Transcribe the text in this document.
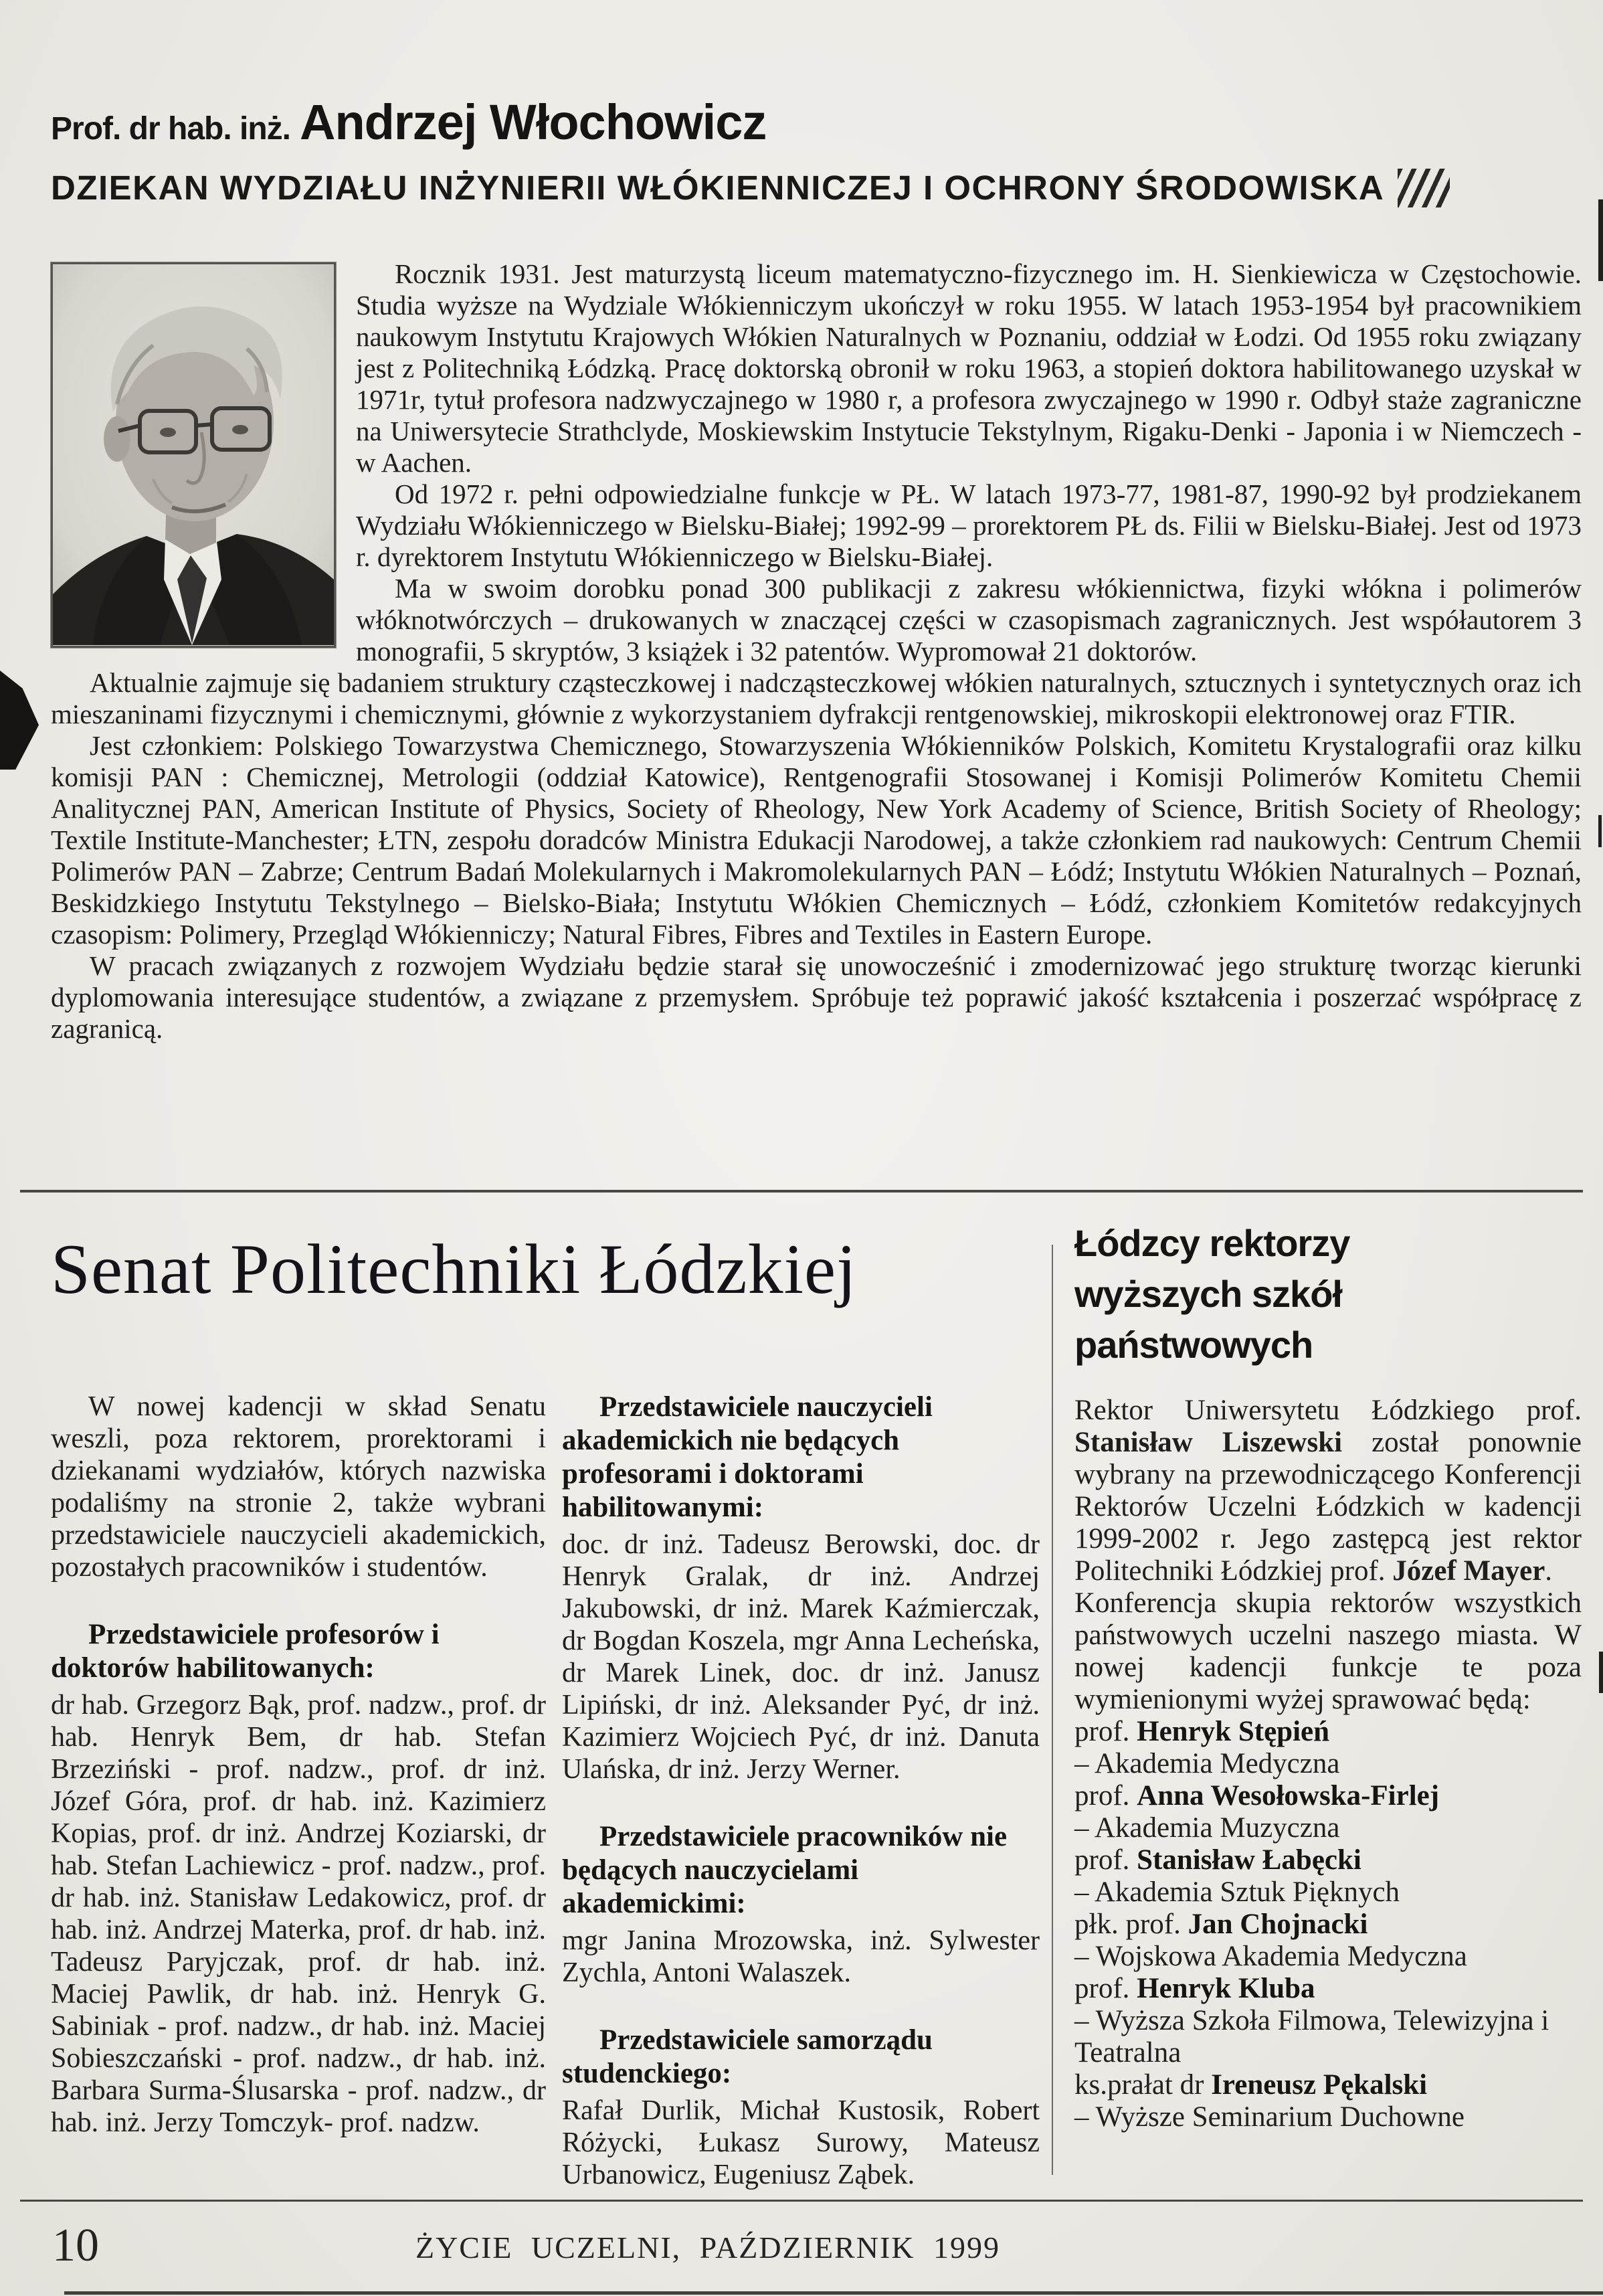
Prof. dr hab. inż. Andrzej Włochowicz
DZIEKAN WYDZIAŁU INŻYNIERII WŁÓKIENNICZEJ I OCHRONY ŚRODOWISKA

Rocznik 1931. Jest maturzystą liceum matematyczno-fizycznego im. H. Sienkiewicza w Częstochowie. Studia wyższe na Wydziale Włókienniczym ukończył w roku 1955. W latach 1953-1954 był pracownikiem naukowym Instytutu Krajowych Włókien Naturalnych w Poznaniu, oddział w Łodzi. Od 1955 roku związany jest z Politechniką Łódzką. Pracę doktorską obronił w roku 1963, a stopień doktora habilitowanego uzyskał w 1971r, tytuł profesora nadzwyczajnego w 1980 r, a profesora zwyczajnego w 1990 r. Odbył staże zagraniczne na Uniwersytecie Strathclyde, Moskiewskim Instytucie Tekstylnym, Rigaku-Denki - Japonia i w Niemczech - w Aachen.

Od 1972 r. pełni odpowiedzialne funkcje w PŁ. W latach 1973-77, 1981-87, 1990-92 był prodziekanem Wydziału Włókienniczego w Bielsku-Białej; 1992-99 – prorektorem PŁ ds. Filii w Bielsku-Białej. Jest od 1973 r. dyrektorem Instytutu Włókienniczego w Bielsku-Białej.

Ma w swoim dorobku ponad 300 publikacji z zakresu włókiennictwa, fizyki włókna i polimerów włóknotwórczych – drukowanych w znaczącej części w czasopismach zagranicznych. Jest współautorem 3 monografii, 5 skryptów, 3 książek i 32 patentów. Wypromował 21 doktorów.

Aktualnie zajmuje się badaniem struktury cząsteczkowej i nadcząsteczkowej włókien naturalnych, sztucznych i syntetycznych oraz ich mieszaninami fizycznymi i chemicznymi, głównie z wykorzystaniem dyfrakcji rentgenowskiej, mikroskopii elektronowej oraz FTIR.

Jest członkiem: Polskiego Towarzystwa Chemicznego, Stowarzyszenia Włókienników Polskich, Komitetu Krystalografii oraz kilku komisji PAN : Chemicznej, Metrologii (oddział Katowice), Rentgenografii Stosowanej i Komisji Polimerów Komitetu Chemii Analitycznej PAN, American Institute of Physics, Society of Rheology, New York Academy of Science, British Society of Rheology; Textile Institute-Manchester; ŁTN, zespołu doradców Ministra Edukacji Narodowej, a także członkiem rad naukowych: Centrum Chemii Polimerów PAN – Zabrze; Centrum Badań Molekularnych i Makromolekularnych PAN – Łódź; Instytutu Włókien Naturalnych – Poznań, Beskidzkiego Instytutu Tekstylnego – Bielsko-Biała; Instytutu Włókien Chemicznych – Łódź, członkiem Komitetów redakcyjnych czasopism: Polimery, Przegląd Włókienniczy; Natural Fibres, Fibres and Textiles in Eastern Europe.

W pracach związanych z rozwojem Wydziału będzie starał się unowocześnić i zmodernizować jego strukturę tworząc kierunki dyplomowania interesujące studentów, a związane z przemysłem. Spróbuje też poprawić jakość kształcenia i poszerzać współpracę z zagranicą.

Senat Politechniki Łódzkiej

W nowej kadencji w skład Senatu weszli, poza rektorem, prorektorami i dziekanami wydziałów, których nazwiska podaliśmy na stronie 2, także wybrani przedstawiciele nauczycieli akademickich, pozostałych pracowników i studentów.

Przedstawiciele profesorów i doktorów habilitowanych:

dr hab. Grzegorz Bąk, prof. nadzw., prof. dr hab. Henryk Bem, dr hab. Stefan Brzeziński - prof. nadzw., prof. dr inż. Józef Góra, prof. dr hab. inż. Kazimierz Kopias, prof. dr inż. Andrzej Koziarski, dr hab. Stefan Lachiewicz - prof. nadzw., prof. dr hab. inż. Stanisław Ledakowicz, prof. dr hab. inż. Andrzej Materka, prof. dr hab. inż. Tadeusz Paryjczak, prof. dr hab. inż. Maciej Pawlik, dr hab. inż. Henryk G. Sabiniak - prof. nadzw., dr hab. inż. Maciej Sobieszczański - prof. nadzw., dr hab. inż. Barbara Surma-Ślusarska - prof. nadzw., dr hab. inż. Jerzy Tomczyk- prof. nadzw.

Przedstawiciele nauczycieli akademickich nie będących profesorami i doktorami habilitowanymi:

doc. dr inż. Tadeusz Berowski, doc. dr Henryk Gralak, dr inż. Andrzej Jakubowski, dr inż. Marek Kaźmierczak, dr Bogdan Koszela, mgr Anna Lecheńska, dr Marek Linek, doc. dr inż. Janusz Lipiński, dr inż. Aleksander Pyć, dr inż. Kazimierz Wojciech Pyć, dr inż. Danuta Ulańska, dr inż. Jerzy Werner.

Przedstawiciele pracowników nie będących nauczycielami akademickimi:

mgr Janina Mrozowska, inż. Sylwester Zychla, Antoni Walaszek.

Przedstawiciele samorządu studenckiego:

Rafał Durlik, Michał Kustosik, Robert Różycki, Łukasz Surowy, Mateusz Urbanowicz, Eugeniusz Ząbek.

Łódzcy rektorzy
wyższych szkół
państwowych

Rektor Uniwersytetu Łódzkiego prof. Stanisław Liszewski został ponownie wybrany na przewodniczącego Konferencji Rektorów Uczelni Łódzkich w kadencji 1999-2002 r. Jego zastępcą jest rektor Politechniki Łódzkiej prof. Józef Mayer.

Konferencja skupia rektorów wszystkich państwowych uczelni naszego miasta. W nowej kadencji funkcje te poza wymienionymi wyżej sprawować będą:

prof. Henryk Stępień
– Akademia Medyczna
prof. Anna Wesołowska-Firlej
– Akademia Muzyczna
prof. Stanisław Łabęcki
– Akademia Sztuk Pięknych
płk. prof. Jan Chojnacki
– Wojskowa Akademia Medyczna
prof. Henryk Kluba
– Wyższa Szkoła Filmowa, Telewizyjna i Teatralna
ks.prałat dr Ireneusz Pękalski
– Wyższe Seminarium Duchowne
10	ŻYCIE UCZELNI, PAŹDZIERNIK 1999
